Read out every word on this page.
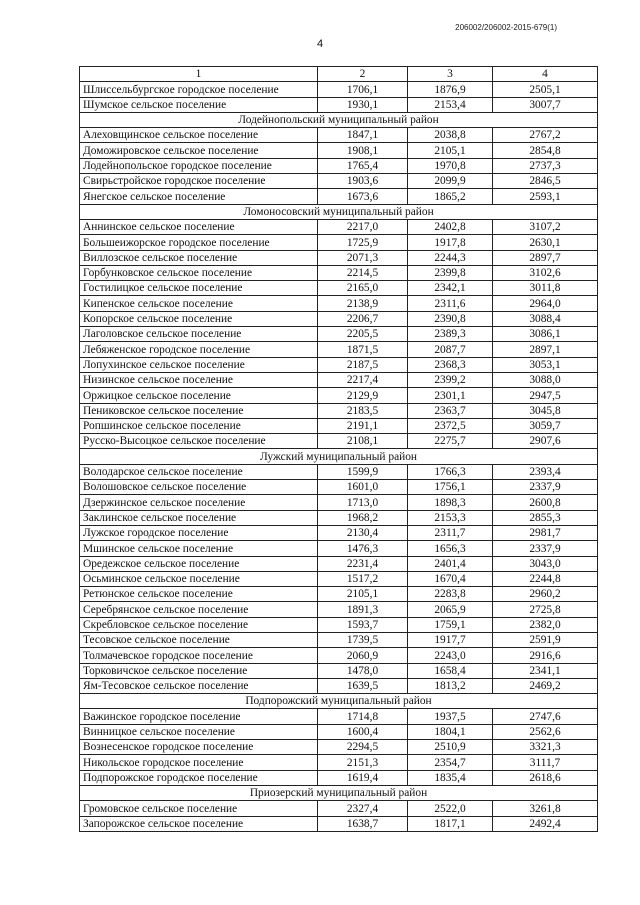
206002/206002-2015-679(1)
4
1	2	3	4
Шлиссельбургское городское поселение	1706,1	1876,9	2505,1
Шумское сельское поселение	1930,1	2153,4	3007,7
Лодейнопольский муниципальный район			
Алеховщинское сельское поселение	1847,1	2038,8	2767,2
Доможировское сельское поселение	1908,1	2105,1	2854,8
Лодейнопольское городское поселение	1765,4	1970,8	2737,3
Свирьстройское городское поселение	1903,6	2099,9	2846,5
Янегское сельское поселение	1673,6	1865,2	2593,1
Ломоносовский муниципальный район			
Аннинское сельское поселение	2217,0	2402,8	3107,2
Большеижорское городское поселение	1725,9	1917,8	2630,1
Виллозское сельское поселение	2071,3	2244,3	2897,7
Горбунковское сельское поселение	2214,5	2399,8	3102,6
Гостилицкое сельское поселение	2165,0	2342,1	3011,8
Кипенское сельское поселение	2138,9	2311,6	2964,0
Копорское сельское поселение	2206,7	2390,8	3088,4
Лаголовское сельское поселение	2205,5	2389,3	3086,1
Лебяженское городское поселение	1871,5	2087,7	2897,1
Лопухинское сельское поселение	2187,5	2368,3	3053,1
Низинское сельское поселение	2217,4	2399,2	3088,0
Оржицкое сельское поселение	2129,9	2301,1	2947,5
Пениковское сельское поселение	2183,5	2363,7	3045,8
Ропшинское сельское поселение	2191,1	2372,5	3059,7
Русско-Высоцкое сельское поселение	2108,1	2275,7	2907,6
Лужский муниципальный район			
Володарское сельское поселение	1599,9	1766,3	2393,4
Волошовское сельское поселение	1601,0	1756,1	2337,9
Дзержинское сельское поселение	1713,0	1898,3	2600,8
Заклинское сельское поселение	1968,2	2153,3	2855,3
Лужское городское поселение	2130,4	2311,7	2981,7
Мшинское сельское поселение	1476,3	1656,3	2337,9
Оредежское сельское поселение	2231,4	2401,4	3043,0
Осьминское сельское поселение	1517,2	1670,4	2244,8
Ретюнское сельское поселение	2105,1	2283,8	2960,2
Серебрянское сельское поселение	1891,3	2065,9	2725,8
Скребловское сельское поселение	1593,7	1759,1	2382,0
Тесовское сельское поселение	1739,5	1917,7	2591,9
Толмачевское городское поселение	2060,9	2243,0	2916,6
Торковичское сельское поселение	1478,0	1658,4	2341,1
Ям-Тесовское сельское поселение	1639,5	1813,2	2469,2
Подпорожский муниципальный район			
Важинское городское поселение	1714,8	1937,5	2747,6
Винницкое сельское поселение	1600,4	1804,1	2562,6
Вознесенское городское поселение	2294,5	2510,9	3321,3
Никольское городское поселение	2151,3	2354,7	3111,7
Подпорожское городское поселение	1619,4	1835,4	2618,6
Приозерский муниципальный район			
Громовское сельское поселение	2327,4	2522,0	3261,8
Запорожское сельское поселение	1638,7	1817,1	2492,4
